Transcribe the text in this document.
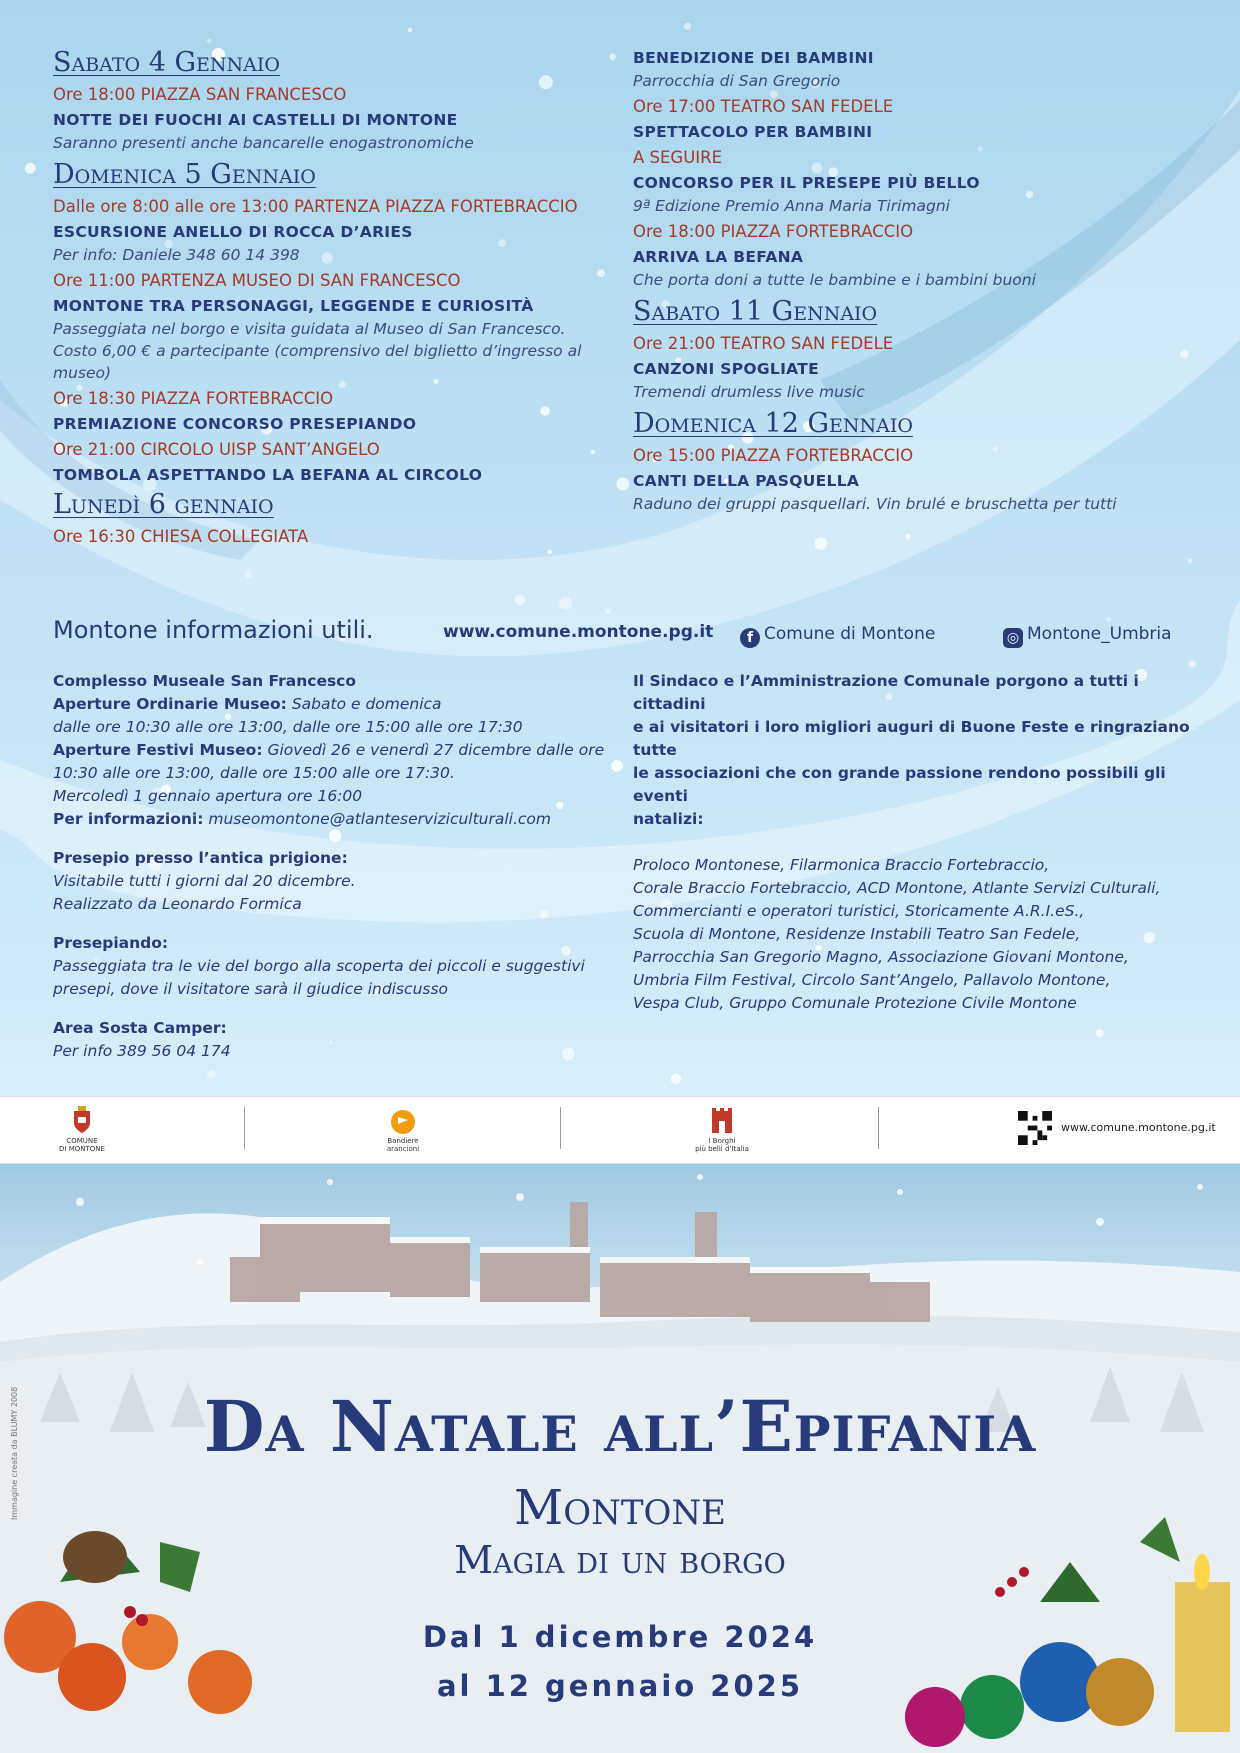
Sabato 4 Gennaio
Ore 18:00 PIAZZA SAN FRANCESCO
NOTTE DEI FUOCHI AI CASTELLI DI MONTONE
Saranno presenti anche bancarelle enogastronomiche
Domenica 5 Gennaio
Dalle ore 8:00 alle ore 13:00 PARTENZA PIAZZA FORTEBRACCIO
ESCURSIONE ANELLO DI ROCCA D’ARIES
Per info: Daniele 348 60 14 398
Ore 11:00 PARTENZA MUSEO DI SAN FRANCESCO
MONTONE TRA PERSONAGGI, LEGGENDE E CURIOSITÀ
Passeggiata nel borgo e visita guidata al Museo di San Francesco. Costo 6,00 € a partecipante (comprensivo del biglietto d’ingresso al museo)
Ore 18:30 PIAZZA FORTEBRACCIO
PREMIAZIONE CONCORSO PRESEPIANDO
Ore 21:00 CIRCOLO UISP SANT’ANGELO
TOMBOLA ASPETTANDO LA BEFANA AL CIRCOLO
Lunedì 6 gennaio
Ore 16:30 CHIESA COLLEGIATA
BENEDIZIONE DEI BAMBINI
Parrocchia di San Gregorio
Ore 17:00 TEATRO SAN FEDELE
SPETTACOLO PER BAMBINI
A SEGUIRE
CONCORSO PER IL PRESEPE PIÙ BELLO
9ª Edizione Premio Anna Maria Tirimagni
Ore 18:00 PIAZZA FORTEBRACCIO
ARRIVA LA BEFANA
Che porta doni a tutte le bambine e i bambini buoni
Sabato 11 Gennaio
Ore 21:00 TEATRO SAN FEDELE
CANZONI SPOGLIATE
Tremendi drumless live music
Domenica 12 Gennaio
Ore 15:00 PIAZZA FORTEBRACCIO
CANTI DELLA PASQUELLA
Raduno dei gruppi pasquellari. Vin brulé e bruschetta per tutti
Montone informazioni utili.	www.comune.montone.pg.it	f Comune di Montone	◎ Montone_Umbria
Complesso Museale San Francesco
Aperture Ordinarie Museo: Sabato e domenica
dalle ore 10:30 alle ore 13:00, dalle ore 15:00 alle ore 17:30
Aperture Festivi Museo: Giovedì 26 e venerdì 27 dicembre dalle ore
10:30 alle ore 13:00, dalle ore 15:00 alle ore 17:30.
Mercoledì 1 gennaio apertura ore 16:00
Per informazioni: museomontone@atlanteserviziculturali.com
Presepio presso l’antica prigione:
Visitabile tutti i giorni dal 20 dicembre.
Realizzato da Leonardo Formica
Presepiando:
Passeggiata tra le vie del borgo alla scoperta dei piccoli e suggestivi
presepi, dove il visitatore sarà il giudice indiscusso
Area Sosta Camper:
Per info 389 56 04 174
Il Sindaco e l’Amministrazione Comunale porgono a tutti i cittadini
e ai visitatori i loro migliori auguri di Buone Feste e ringraziano tutte
le associazioni che con grande passione rendono possibili gli eventi
natalizi:
Proloco Montonese, Filarmonica Braccio Fortebraccio,
Corale Braccio Fortebraccio, ACD Montone, Atlante Servizi Culturali,
Commercianti e operatori turistici, Storicamente A.R.I.eS.,
Scuola di Montone, Residenze Instabili Teatro San Fedele,
Parrocchia San Gregorio Magno, Associazione Giovani Montone,
Umbria Film Festival, Circolo Sant’Angelo, Pallavolo Montone,
Vespa Club, Gruppo Comunale Protezione Civile Montone
COMUNE
DI MONTONE
Bandiere
arancioni
I Borghi
più belli d’Italia
www.comune.montone.pg.it
Da Natale all’Epifania
Montone
Magia di un borgo
Dal 1 dicembre 2024
al 12 gennaio 2025
Immagine creata da BLUMY 2008
